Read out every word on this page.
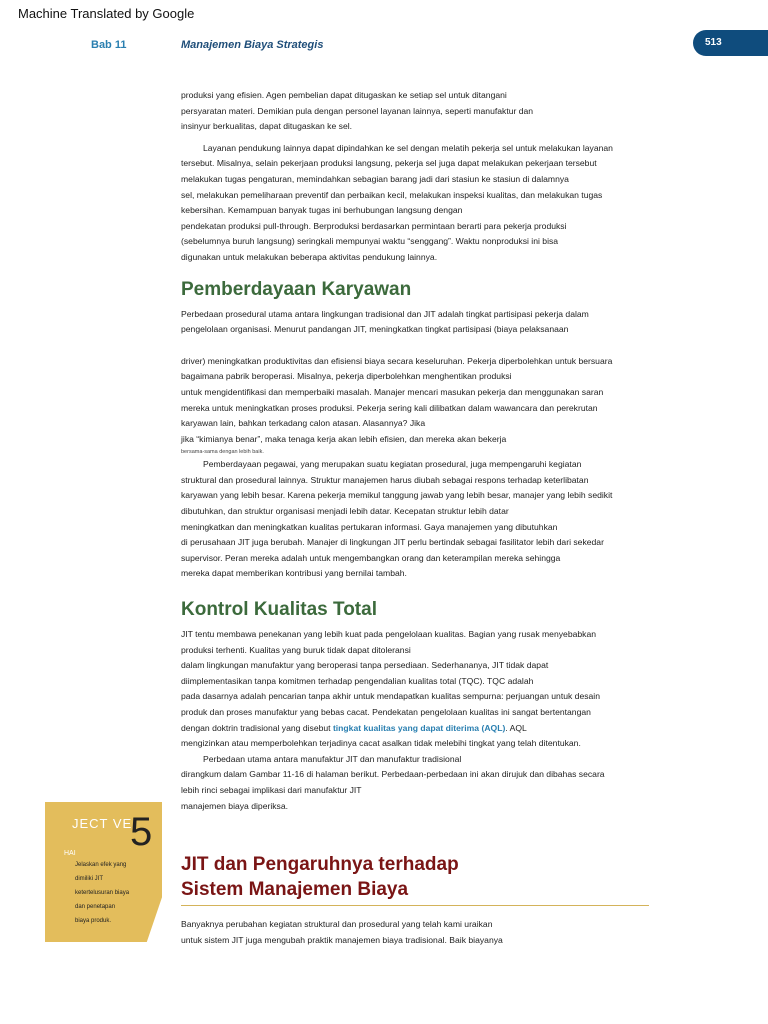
Machine Translated by Google
Bab 11	Manajemen Biaya Strategis	513
produksi yang efisien. Agen pembelian dapat ditugaskan ke setiap sel untuk ditangani
persyaratan materi. Demikian pula dengan personel layanan lainnya, seperti manufaktur dan
insinyur berkualitas, dapat ditugaskan ke sel.
Layanan pendukung lainnya dapat dipindahkan ke sel dengan melatih pekerja sel untuk melakukan layanan
tersebut. Misalnya, selain pekerjaan produksi langsung, pekerja sel juga dapat melakukan pekerjaan tersebut
melakukan tugas pengaturan, memindahkan sebagian barang jadi dari stasiun ke stasiun di dalamnya
sel, melakukan pemeliharaan preventif dan perbaikan kecil, melakukan inspeksi kualitas, dan melakukan tugas
kebersihan. Kemampuan banyak tugas ini berhubungan langsung dengan
pendekatan produksi pull-through. Berproduksi berdasarkan permintaan berarti para pekerja produksi
(sebelumnya buruh langsung) seringkali mempunyai waktu “senggang”. Waktu nonproduksi ini bisa
digunakan untuk melakukan beberapa aktivitas pendukung lainnya.
Pemberdayaan Karyawan
Perbedaan prosedural utama antara lingkungan tradisional dan JIT adalah tingkat partisipasi pekerja dalam
pengelolaan organisasi. Menurut pandangan JIT, meningkatkan tingkat partisipasi (biaya pelaksanaan
driver) meningkatkan produktivitas dan efisiensi biaya secara keseluruhan. Pekerja diperbolehkan untuk bersuara
bagaimana pabrik beroperasi. Misalnya, pekerja diperbolehkan menghentikan produksi
untuk mengidentifikasi dan memperbaiki masalah. Manajer mencari masukan pekerja dan menggunakan saran
mereka untuk meningkatkan proses produksi. Pekerja sering kali dilibatkan dalam wawancara dan perekrutan
karyawan lain, bahkan terkadang calon atasan. Alasannya? Jika
jika “kimianya benar”, maka tenaga kerja akan lebih efisien, dan mereka akan bekerja
bersama-sama dengan lebih baik.
Pemberdayaan pegawai, yang merupakan suatu kegiatan prosedural, juga mempengaruhi kegiatan
struktural dan prosedural lainnya. Struktur manajemen harus diubah sebagai respons terhadap keterlibatan
karyawan yang lebih besar. Karena pekerja memikul tanggung jawab yang lebih besar, manajer yang lebih sedikit
dibutuhkan, dan struktur organisasi menjadi lebih datar. Kecepatan struktur lebih datar
meningkatkan dan meningkatkan kualitas pertukaran informasi. Gaya manajemen yang dibutuhkan
di perusahaan JIT juga berubah. Manajer di lingkungan JIT perlu bertindak sebagai fasilitator lebih dari sekedar
supervisor. Peran mereka adalah untuk mengembangkan orang dan keterampilan mereka sehingga
mereka dapat memberikan kontribusi yang bernilai tambah.
Kontrol Kualitas Total
JIT tentu membawa penekanan yang lebih kuat pada pengelolaan kualitas. Bagian yang rusak menyebabkan
produksi terhenti. Kualitas yang buruk tidak dapat ditoleransi
dalam lingkungan manufaktur yang beroperasi tanpa persediaan. Sederhananya, JIT tidak dapat
diimplementasikan tanpa komitmen terhadap pengendalian kualitas total (TQC). TQC adalah
pada dasarnya adalah pencarian tanpa akhir untuk mendapatkan kualitas sempurna: perjuangan untuk desain
produk dan proses manufaktur yang bebas cacat. Pendekatan pengelolaan kualitas ini sangat bertentangan
dengan doktrin tradisional yang disebut tingkat kualitas yang dapat diterima (AQL). AQL
mengizinkan atau memperbolehkan terjadinya cacat asalkan tidak melebihi tingkat yang telah ditentukan.
Perbedaan utama antara manufaktur JIT dan manufaktur tradisional
dirangkum dalam Gambar 11-16 di halaman berikut. Perbedaan-perbedaan ini akan dirujuk dan dibahas secara
lebih rinci sebagai implikasi dari manufaktur JIT
manajemen biaya diperiksa.
JECT VE
HAI 5
Jelaskan efek yang
dimiliki JIT
ketertelusuran biaya
dan penetapan
biaya produk.
JIT dan Pengaruhnya terhadap
Sistem Manajemen Biaya
Banyaknya perubahan kegiatan struktural dan prosedural yang telah kami uraikan
untuk sistem JIT juga mengubah praktik manajemen biaya tradisional. Baik biayanya
